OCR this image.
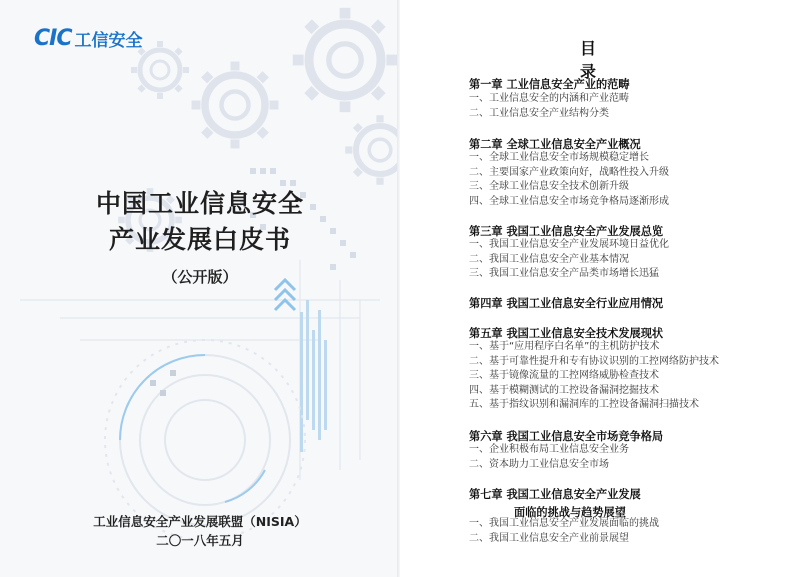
CIC 工信安全
中国工业信息安全
产业发展白皮书
（公开版）
工业信息安全产业发展联盟（NISIA）
二〇一八年五月
目录
第一章 工业信息安全产业的范畴
一、工业信息安全的内涵和产业范畴
二、工业信息安全产业结构分类
第二章 全球工业信息安全产业概况
一、全球工业信息安全市场规模稳定增长
二、主要国家产业政策向好，战略性投入升级
三、全球工业信息安全技术创新升级
四、全球工业信息安全市场竞争格局逐渐形成
第三章 我国工业信息安全产业发展总览
一、我国工业信息安全产业发展环境日益优化
二、我国工业信息安全产业基本情况
三、我国工业信息安全产品类市场增长迅猛
第四章 我国工业信息安全行业应用情况
第五章 我国工业信息安全技术发展现状
一、基于“应用程序白名单”的主机防护技术
二、基于可靠性提升和专有协议识别的工控网络防护技术
三、基于镜像流量的工控网络威胁检查技术
四、基于模糊测试的工控设备漏洞挖掘技术
五、基于指纹识别和漏洞库的工控设备漏洞扫描技术
第六章 我国工业信息安全市场竞争格局
一、企业积极布局工业信息安全业务
二、资本助力工业信息安全市场
第七章 我国工业信息安全产业发展
面临的挑战与趋势展望
一、我国工业信息安全产业发展面临的挑战
二、我国工业信息安全产业前景展望
